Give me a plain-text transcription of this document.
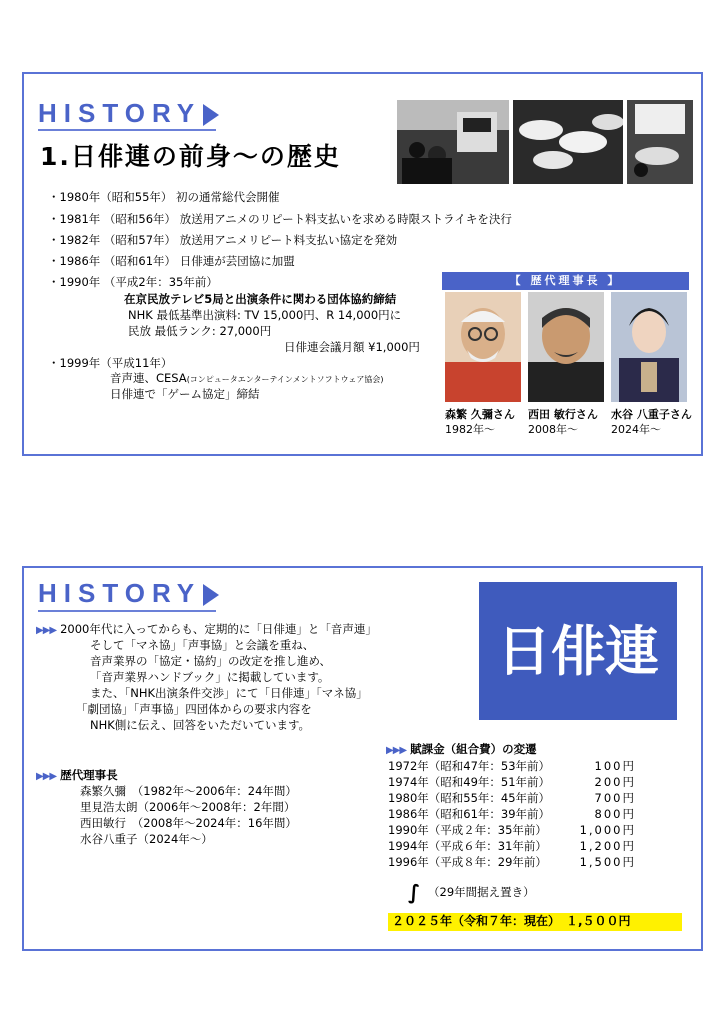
HISTORY
1.日俳連の前身～の歴史
・1980年（昭和55年） 初の通常総代会開催
・1981年 （昭和56年） 放送用アニメのリピート料支払いを求める時限ストライキを決行
・1982年 （昭和57年） 放送用アニメリピート料支払い協定を発効
・1986年 （昭和61年） 日俳連が芸団協に加盟
・1990年 （平成2年：35年前）
在京民放テレビ5局と出演条件に関わる団体協約締結
NHK 最低基準出演料: TV 15,000円、R 14,000円に
民放 最低ランク: 27,000円
日俳連会議月額 ¥1,000円
・1999年（平成11年）
音声連、CESA(コンピュータエンターテインメントソフトウェア協会)
日俳連で「ゲーム協定」締結
【 歴代理事長 】
森繁 久彌さん
1982年～
西田 敏行さん
2008年～
水谷 八重子さん
2024年～
HISTORY
日俳連
▶▶▶ 2000年代に入ってからも、定期的に「日俳連」と「音声連」
そして「マネ協」「声事協」と会議を重ね、
音声業界の「協定・協約」の改定を推し進め、
「音声業界ハンドブック」に掲載しています。
また、「NHK出演条件交渉」にて「日俳連」「マネ協」
「劇団協」「声事協」四団体からの要求内容を
NHK側に伝え、回答をいただいています。
▶▶▶ 歴代理事長
森繁久彌　（1982年～2006年：24年間）
里見浩太朗（2006年～2008年：2年間）
西田敏行　（2008年～2024年：16年間）
水谷八重子（2024年～）
▶▶▶ 賦課金（組合費）の変遷
1972年（昭和47年：53年前）	100円
1974年（昭和49年：51年前）	200円
1980年（昭和55年：45年前）	700円
1986年（昭和61年：39年前）	800円
1990年（平成２年：35年前）	1,000円
1994年（平成６年：31年前）	1,200円
1996年（平成８年：29年前）	1,500円
∫ （29年間据え置き）
２０２５年（令和７年：現在）　１,５００円
